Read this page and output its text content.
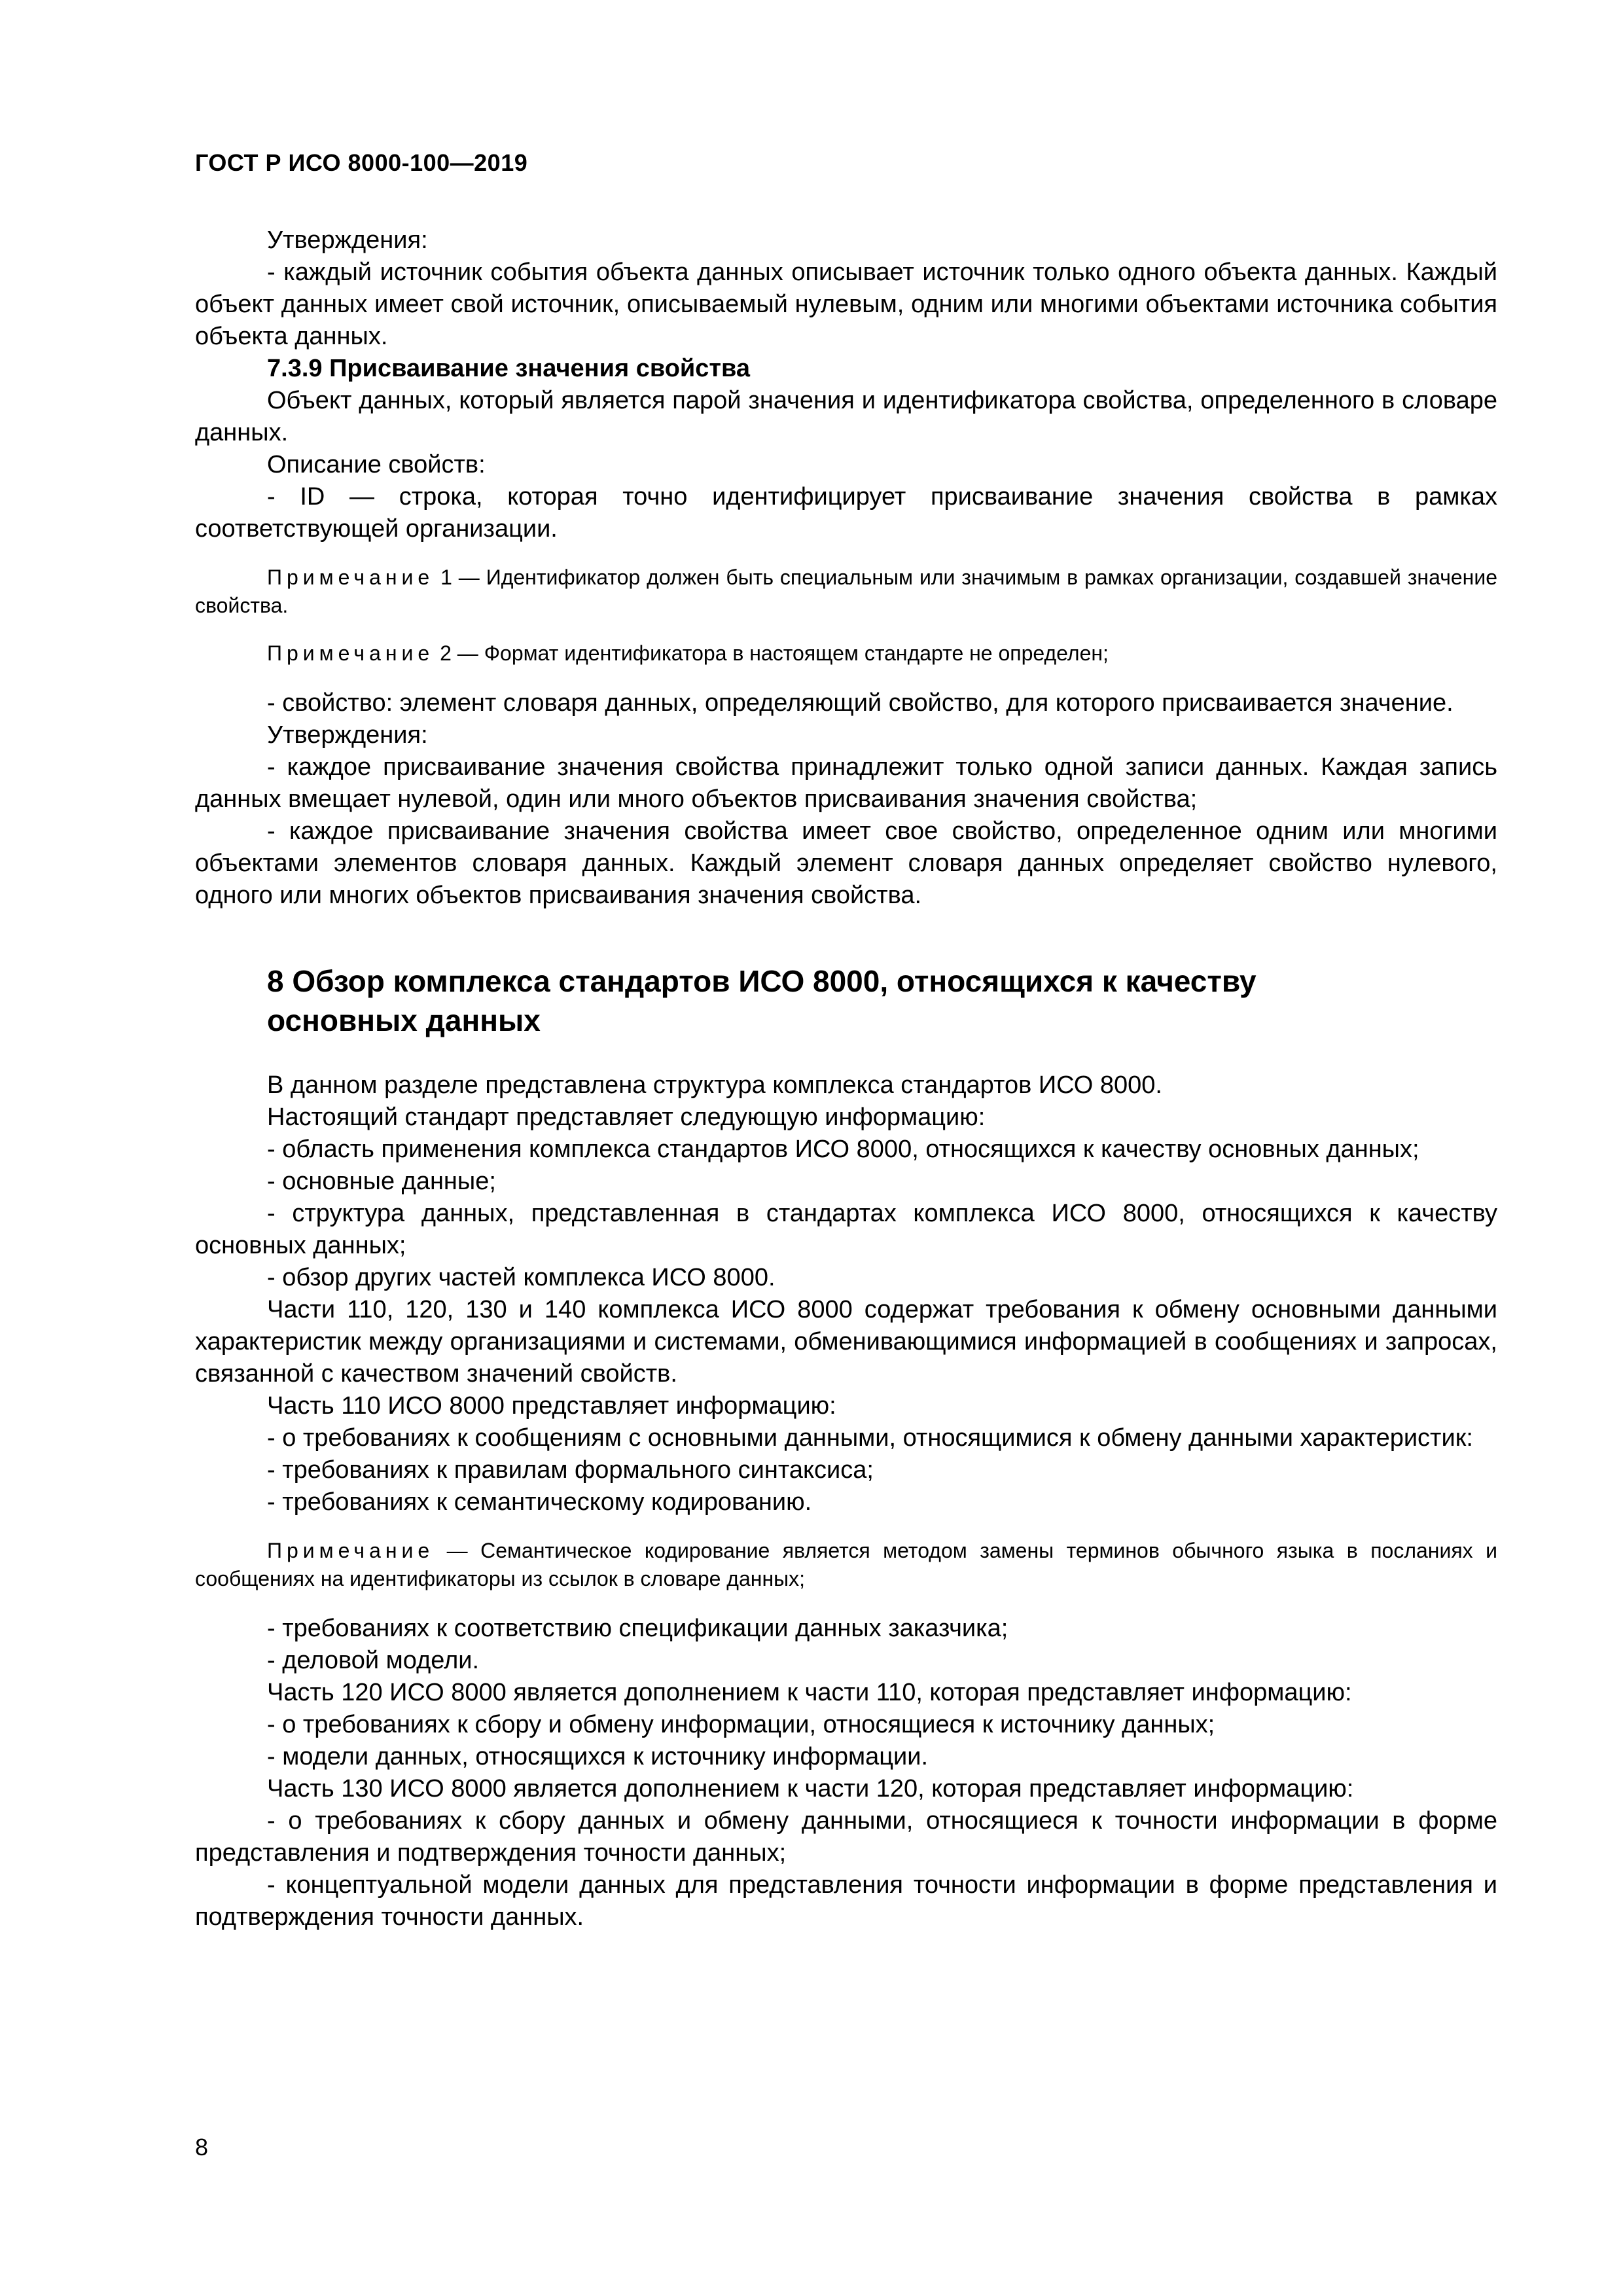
ГОСТ Р ИСО 8000-100—2019

Утверждения:

- каждый источник события объекта данных описывает источник только одного объекта данных. Каждый объект данных имеет свой источник, описываемый нулевым, одним или многими объектами источника события объекта данных.

7.3.9 Присваивание значения свойства

Объект данных, который является парой значения и идентификатора свойства, определенного в словаре данных.

Описание свойств:

- ID — строка, которая точно идентифицирует присваивание значения свойства в рамках соответствующей организации.

Примечание 1 — Идентификатор должен быть специальным или значимым в рамках организации, создавшей значение свойства.

Примечание 2 — Формат идентификатора в настоящем стандарте не определен;

- свойство: элемент словаря данных, определяющий свойство, для которого присваивается значение.

Утверждения:

- каждое присваивание значения свойства принадлежит только одной записи данных. Каждая запись данных вмещает нулевой, один или много объектов присваивания значения свойства;

- каждое присваивание значения свойства имеет свое свойство, определенное одним или многими объектами элементов словаря данных. Каждый элемент словаря данных определяет свойство нулевого, одного или многих объектов присваивания значения свойства.

8 Обзор комплекса стандартов ИСО 8000, относящихся к качеству
основных данных

В данном разделе представлена структура комплекса стандартов ИСО 8000.

Настоящий стандарт представляет следующую информацию:

- область применения комплекса стандартов ИСО 8000, относящихся к качеству основных данных;

- основные данные;

- структура данных, представленная в стандартах комплекса ИСО 8000, относящихся к качеству основных данных;

- обзор других частей комплекса ИСО 8000.

Части 110, 120, 130 и 140 комплекса ИСО 8000 содержат требования к обмену основными данными характеристик между организациями и системами, обменивающимися информацией в сообщениях и запросах, связанной с качеством значений свойств.

Часть 110 ИСО 8000 представляет информацию:

- о требованиях к сообщениям с основными данными, относящимися к обмену данными характеристик:

- требованиях к правилам формального синтаксиса;

- требованиях к семантическому кодированию.

Примечание — Семантическое кодирование является методом замены терминов обычного языка в посланиях и сообщениях на идентификаторы из ссылок в словаре данных;

- требованиях к соответствию спецификации данных заказчика;

- деловой модели.

Часть 120 ИСО 8000 является дополнением к части 110, которая представляет информацию:

- о требованиях к сбору и обмену информации, относящиеся к источнику данных;

- модели данных, относящихся к источнику информации.

Часть 130 ИСО 8000 является дополнением к части 120, которая представляет информацию:

- о требованиях к сбору данных и обмену данными, относящиеся к точности информации в форме представления и подтверждения точности данных;

- концептуальной модели данных для представления точности информации в форме представления и подтверждения точности данных.

8
